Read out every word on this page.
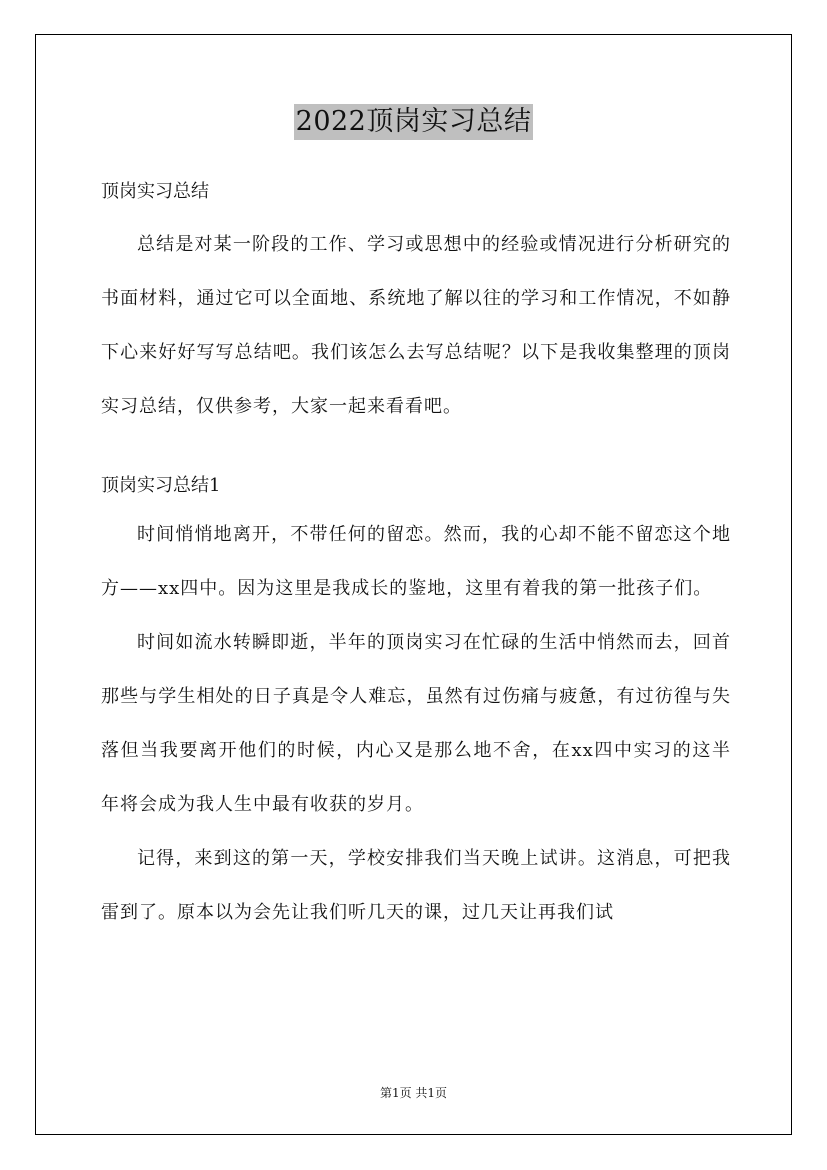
2022顶岗实习总结

顶岗实习总结

总结是对某一阶段的工作、学习或思想中的经验或情况进行分析研究的书面材料，通过它可以全面地、系统地了解以往的学习和工作情况，不如静下心来好好写写总结吧。我们该怎么去写总结呢？以下是我收集整理的顶岗实习总结，仅供参考，大家一起来看看吧。

顶岗实习总结1

时间悄悄地离开，不带任何的留恋。然而，我的心却不能不留恋这个地方——xx四中。因为这里是我成长的鉴地，这里有着我的第一批孩子们。

时间如流水转瞬即逝，半年的顶岗实习在忙碌的生活中悄然而去，回首那些与学生相处的日子真是令人难忘，虽然有过伤痛与疲惫，有过彷徨与失落但当我要离开他们的时候，内心又是那么地不舍，在xx四中实习的这半年将会成为我人生中最有收获的岁月。

记得，来到这的第一天，学校安排我们当天晚上试讲。这消息，可把我雷到了。原本以为会先让我们听几天的课，过几天让再我们试

第1页 共1页
